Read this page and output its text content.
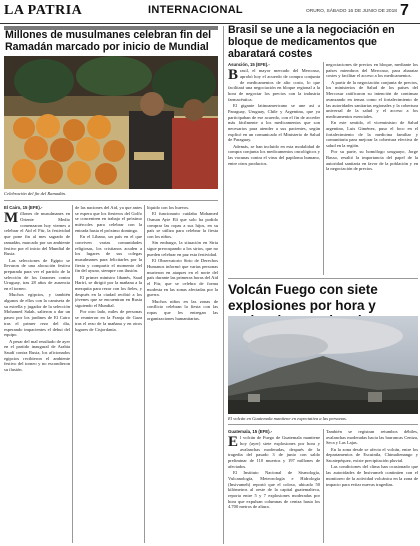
LA PATRIA	INTERNACIONAL	ORURO, SÁBADO 16 DE JUNIO DE 2018 7
Millones de musulmanes celebran fin del Ramadán marcado por inicio de Mundial
Celebración del fin del Ramadán.

El Cairo, 15 (EFE).-

Millones de musulmanes en Oriente Medio comenzaron hoy viernes a celebrar el Aid el Fitr, la festividad que pone fin al mes sagrado de ramadán, marcado por un ambiente festivo por el inicio del Mundial de Rusia.

Las selecciones de Egipto se llevaron de una alocución festiva preparada para ver el partido de la selección de los faraones contra Uruguay, tras 28 años de ausencia en el torneo.

Muchos egipcios, y también algunos de ellos con la camiseta de su estrella y jugador de la selección Mohamed Salah, salieron a dar un paseo por los jardines de El Cairo tras el primer rezo del día, esperando impacientes el debut del equipo.

A pesar del mal resultado de ayer en el partido inaugural de Arabia Saudí contra Rusia, los aficionados egipcios recibieron el ambiente festivo del torneo y no escondieron su ilusión.

de las naciones del Aid, ya que antes se espera que los fiesteros del Golfo se concentren en trabajo el próximo miércoles para celebrar con la entrada hasta el próximo domingo.

En el Líbano, un país en el que conviven varias comunidades religiosas, los cristianos acuden a los lugares de sus colegas musulmanes para felicitarles por la fiesta y compartir el momento del fin del ayuno, siempre con ilusión.

El primer ministro libanés, Saad Harírí, se dirigió por la mañana a la mezquita para rezar con los fieles, y después en la ciudad recibió a los jóvenes que se encuentran en Rusia siguiendo el Mundial.

Por otro lado, miles de personas se reunieron en la Franja de Gaza tras el rezo de la mañana y en otros lugares de Cisjordania.

líquido con los huevos.

El funcionario cuidaba Mohamed Osman Ayie Elí que solo ha podido comprar las ropas a sus hijos, en su país se utiliza para celebrar la fiesta con los niños.

Sin embargo, la situación en Siria sigue preocupando a los sirios, que no pueden celebrar en paz esta festividad.

El Observatorio Sirio de Derechos Humanos informó que varias personas murieron en ataques en el norte del país durante las primeras horas del Aid el Fitr, que se celebra de forma modesta en las zonas afectadas por la guerra.

Muchos niños en las zonas de conflicto celebran la fiesta con las ropas que les entregan las organizaciones humanitarias.

Brasil se une a la negociación en bloque de medicamentos que abaratará costes

Asunción, 15 (EFE).-

Brasil, el mayor mercado del Mercosur, aprobó hoy el acuerdo de compra conjunta de medicamentos de alto costo, lo que facilitará una negociación en bloque regional a la hora de negociar los precios con la industria farmacéutica.

El gigante latinoamericano se une así a Paraguay, Uruguay, Chile y Argentina, que ya participaban de ese acuerdo, con el fin de acceder más fácilmente a los medicamentos que son necesarios para atender a sus pacientes, según explicó en un comunicado el Ministerio de Salud de Paraguay.

Además, se han incluido en esta modalidad de compra conjunta los medicamentos oncológicos y las vacunas contra el virus del papiloma humano, entre otros productos.

negociaciones de precios en bloque, mediante los países miembros del Mercosur, para abaratar costes y facilitar el acceso a los medicamentos.

A partir de la negociación conjunta de precios, los ministerios de Salud de los países del Mercosur ratificaron su intención de continuar avanzando en temas como el fortalecimiento de las autoridades sanitarias regionales y la cobertura universal de la salud y el acceso a los medicamentos esenciales.

En este sentido, el viceministro de Salud argentino, Luis Giménez, puso el foco en el fortalecimiento de la medicina familiar y comunitaria para mejorar la cobertura efectiva de salud en la región.

Por su parte, su homólogo uruguayo, Jorge Basso, resaltó la importancia del papel de la autoridad sanitaria en favor de la población y en la negociación de precios.

Volcán Fuego con siete explosiones por hora y
El volcán en Guatemala mantiene en expectativa a las personas.

Guatemala, 15 (EFE).-

El volcán de Fuego de Guatemala mantiene hoy (ayer) siete explosiones por hora y avalanchas moderadas, después de la tragedia del pasado 3 de junio con saldo preliminar de 110 muertos y 197 millones de afectados.

El Instituto Nacional de Sismología, Vulcanología, Meteorología e Hidrología (Insivumeh) reportó que el coloso, ubicado 50 kilómetros al oeste de la capital guatemalteca, reporta entre 5 y 7 explosiones moderadas por hora que expulsan columnas de ceniza hasta los 4.700 metros de altura.

También se registran retumbos débiles, avalanchas moderadas hacia las barrancas Ceniza, Seca y Las Lajas.

En la zona desde se afecta el volcán, entre los departamentos de Escuintla, Chimaltenango y Sacatepéquez, existe precipitación pluvial.

Las condiciones del clima han ocasionado que las autoridades de Insivumeh continúen con el monitoreo de la actividad volcánica en la zona de impacto para evitar nuevas tragedias.
